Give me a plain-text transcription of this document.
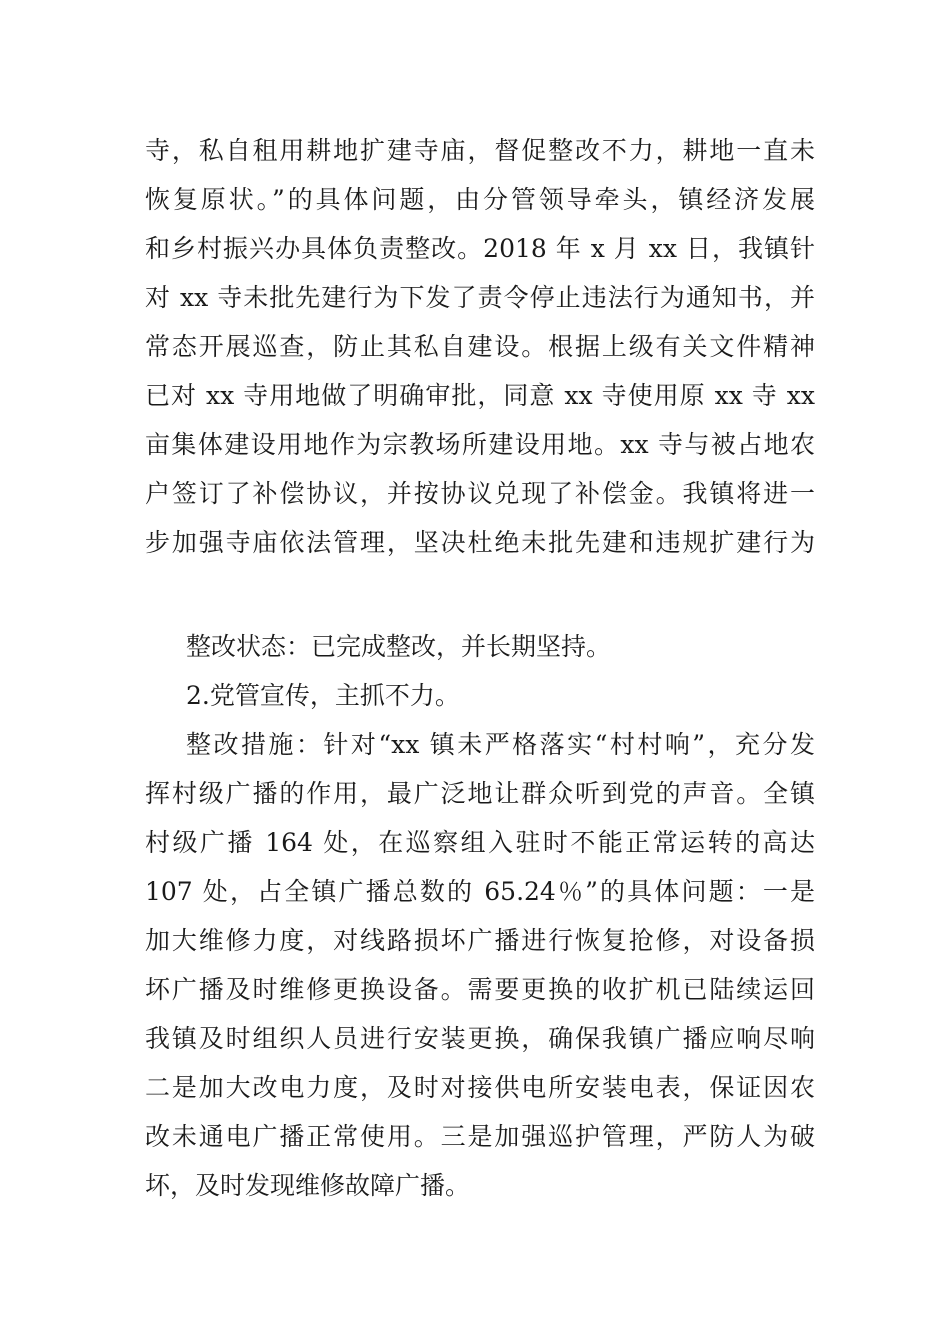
寺，私自租用耕地扩建寺庙，督促整改不力，耕地一直未
恢复原状。”的具体问题，由分管领导牵头，镇经济发展
和乡村振兴办具体负责整改。2018 年 x 月 xx 日，我镇针
对 xx 寺未批先建行为下发了责令停止违法行为通知书，并
常态开展巡查，防止其私自建设。根据上级有关文件精神
已对 xx 寺用地做了明确审批，同意 xx 寺使用原 xx 寺 xx
亩集体建设用地作为宗教场所建设用地。xx 寺与被占地农
户签订了补偿协议，并按协议兑现了补偿金。我镇将进一
步加强寺庙依法管理，坚决杜绝未批先建和违规扩建行为
整改状态：已完成整改，并长期坚持。
2.党管宣传，主抓不力。
整改措施：针对“xx 镇未严格落实“村村响”，充分发
挥村级广播的作用，最广泛地让群众听到党的声音。全镇
村级广播 164 处，在巡察组入驻时不能正常运转的高达
107 处，占全镇广播总数的 65.24％”的具体问题：一是
加大维修力度，对线路损坏广播进行恢复抢修，对设备损
坏广播及时维修更换设备。需要更换的收扩机已陆续运回
我镇及时组织人员进行安装更换，确保我镇广播应响尽响
二是加大改电力度，及时对接供电所安装电表，保证因农
改未通电广播正常使用。三是加强巡护管理，严防人为破
坏，及时发现维修故障广播。
